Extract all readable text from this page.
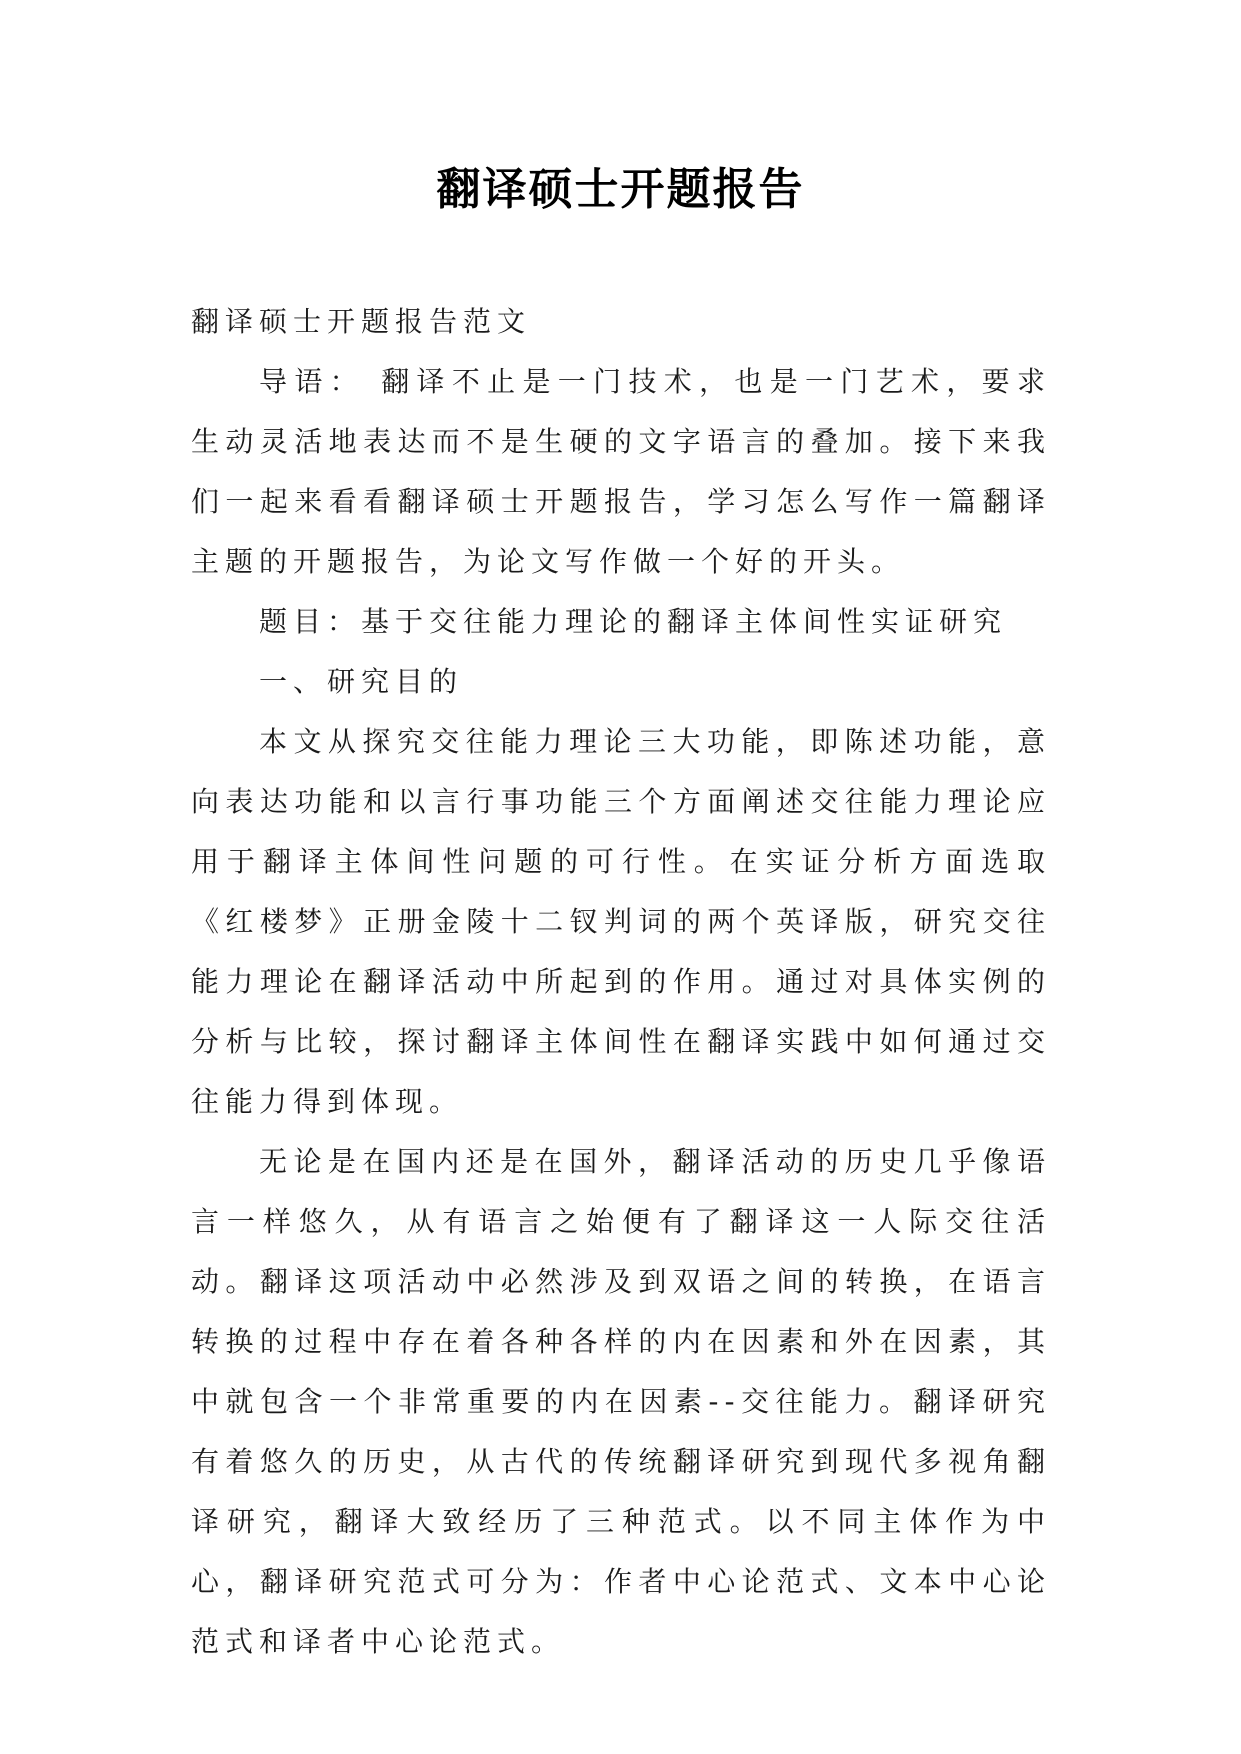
翻译硕士开题报告

翻译硕士开题报告范文

导语： 翻译不止是一门技术，也是一门艺术，要求生动灵活地表达而不是生硬的文字语言的叠加。接下来我们一起来看看翻译硕士开题报告，学习怎么写作一篇翻译主题的开题报告，为论文写作做一个好的开头。

题目：基于交往能力理论的翻译主体间性实证研究

一、研究目的

本文从探究交往能力理论三大功能，即陈述功能，意向表达功能和以言行事功能三个方面阐述交往能力理论应用于翻译主体间性问题的可行性。在实证分析方面选取《红楼梦》正册金陵十二钗判词的两个英译版，研究交往能力理论在翻译活动中所起到的作用。通过对具体实例的分析与比较，探讨翻译主体间性在翻译实践中如何通过交往能力得到体现。

无论是在国内还是在国外，翻译活动的历史几乎像语言一样悠久，从有语言之始便有了翻译这一人际交往活动。翻译这项活动中必然涉及到双语之间的转换，在语言转换的过程中存在着各种各样的内在因素和外在因素，其中就包含一个非常重要的内在因素--交往能力。翻译研究有着悠久的历史，从古代的传统翻译研究到现代多视角翻译研究，翻译大致经历了三种范式。以不同主体作为中心，翻译研究范式可分为：作者中心论范式、文本中心论范式和译者中心论范式。
